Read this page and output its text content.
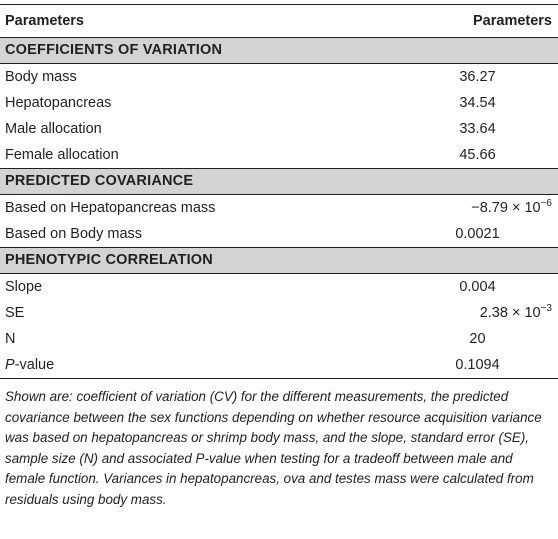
Parameters	Parameters
COEFFICIENTS OF VARIATION	
Body mass	36.27
Hepatopancreas	34.54
Male allocation	33.64
Female allocation	45.66
PREDICTED COVARIANCE	
Based on Hepatopancreas mass	$-8.79 \times 10^{-6}$
Based on Body mass	0.0021
PHENOTYPIC CORRELATION	
Slope	0.004
SE	$2.38 \times 10^{-3}$
N	20
P-value	0.1094
Shown are: coefficient of variation (CV) for the different measurements, the predicted covariance between the sex functions depending on whether resource acquisition variance was based on hepatopancreas or shrimp body mass, and the slope, standard error (SE), sample size (N) and associated P-value when testing for a tradeoff between male and female function. Variances in hepatopancreas, ova and testes mass were calculated from residuals using body mass.
